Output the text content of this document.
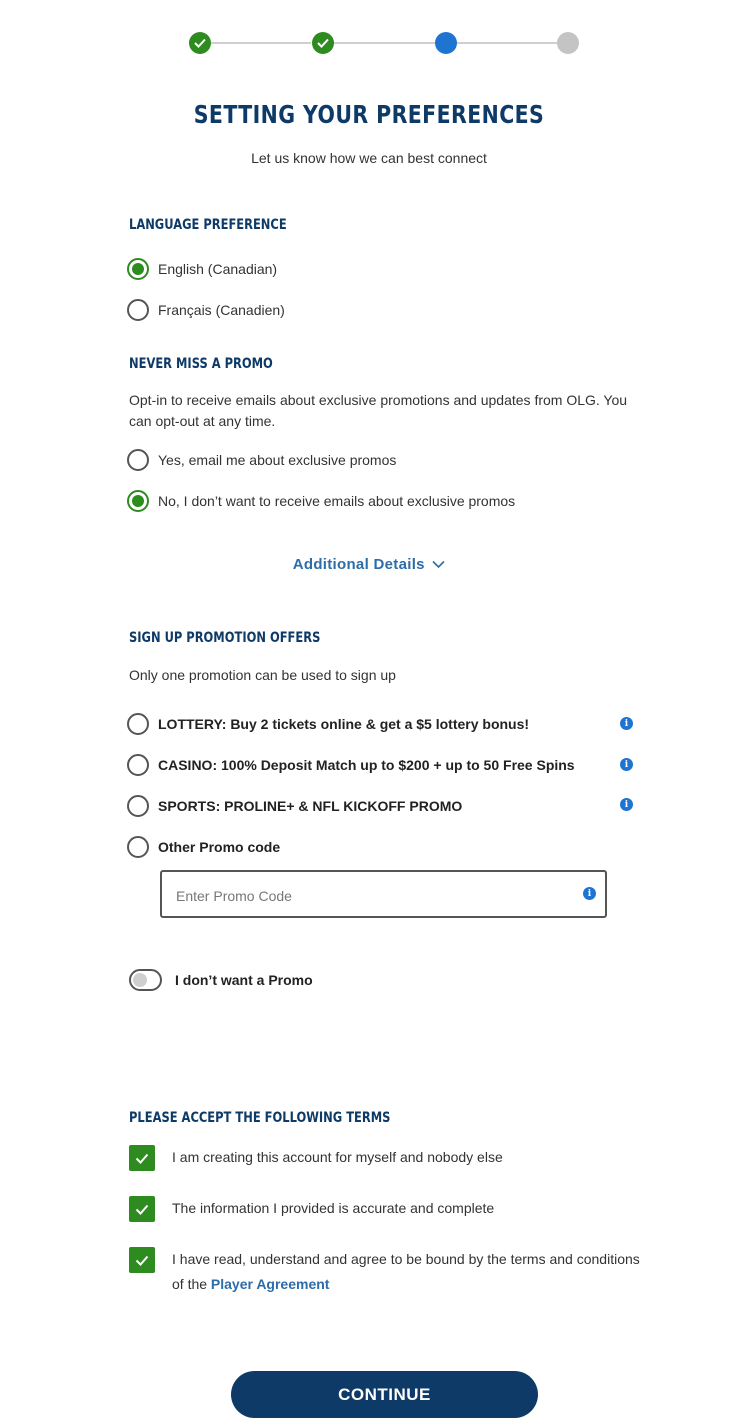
SETTING YOUR PREFERENCES
Let us know how we can best connect
LANGUAGE PREFERENCE
English (Canadian)
Français (Canadien)
NEVER MISS A PROMO
Opt-in to receive emails about exclusive promotions and updates from OLG. You can opt-out at any time.
Yes, email me about exclusive promos
No, I don’t want to receive emails about exclusive promos
Additional Details
SIGN UP PROMOTION OFFERS
Only one promotion can be used to sign up
LOTTERY: Buy 2 tickets online & get a $5 lottery bonus!	i
CASINO: 100% Deposit Match up to $200 + up to 50 Free Spins	i
SPORTS: PROLINE+ & NFL KICKOFF PROMO	i
Other Promo code
Enter Promo Code
i
I don’t want a Promo
PLEASE ACCEPT THE FOLLOWING TERMS
I am creating this account for myself and nobody else
The information I provided is accurate and complete
I have read, understand and agree to be bound by the terms and conditions of the Player Agreement
CONTINUE
